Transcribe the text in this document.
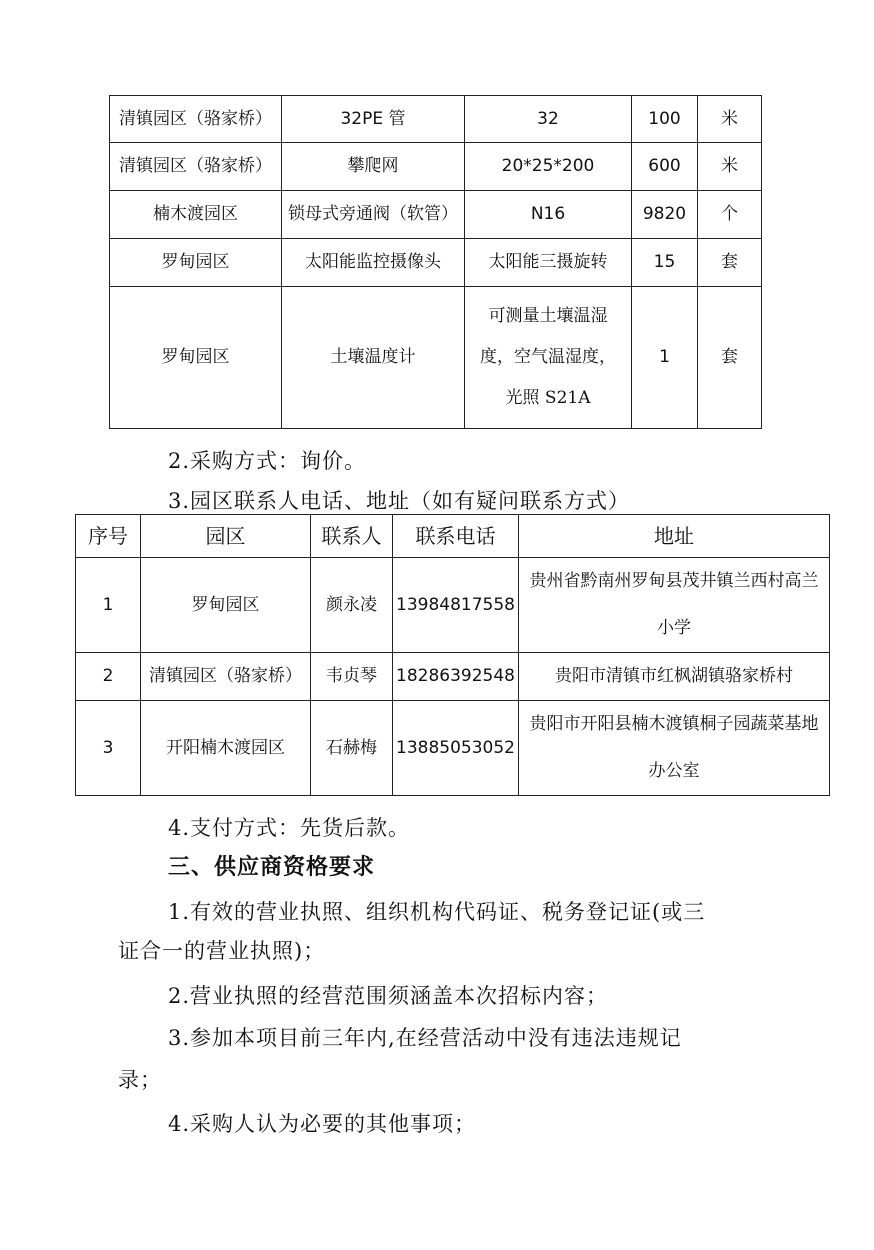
清镇园区（骆家桥）	32PE 管	32	100	米
清镇园区（骆家桥）	攀爬网	20*25*200	600	米
楠木渡园区	锁母式旁通阀（软管）	N16	9820	个
罗甸园区	太阳能监控摄像头	太阳能三摄旋转	15	套
罗甸园区	土壤温度计	可测量土壤温湿度，空气温湿度，光照 S21A	1	套
2.采购方式：询价。
3.园区联系人电话、地址（如有疑问联系方式）
序号	园区	联系人	联系电话	地址
1	罗甸园区	颜永凌	13984817558	贵州省黔南州罗甸县茂井镇兰西村高兰小学
2	清镇园区（骆家桥）	韦贞琴	18286392548	贵阳市清镇市红枫湖镇骆家桥村
3	开阳楠木渡园区	石赫梅	13885053052	贵阳市开阳县楠木渡镇桐子园蔬菜基地办公室
4.支付方式：先货后款。
三、供应商资格要求
1.有效的营业执照、组织机构代码证、税务登记证(或三
证合一的营业执照)；
2.营业执照的经营范围须涵盖本次招标内容；
3.参加本项目前三年内,在经营活动中没有违法违规记
录；
4.采购人认为必要的其他事项；
